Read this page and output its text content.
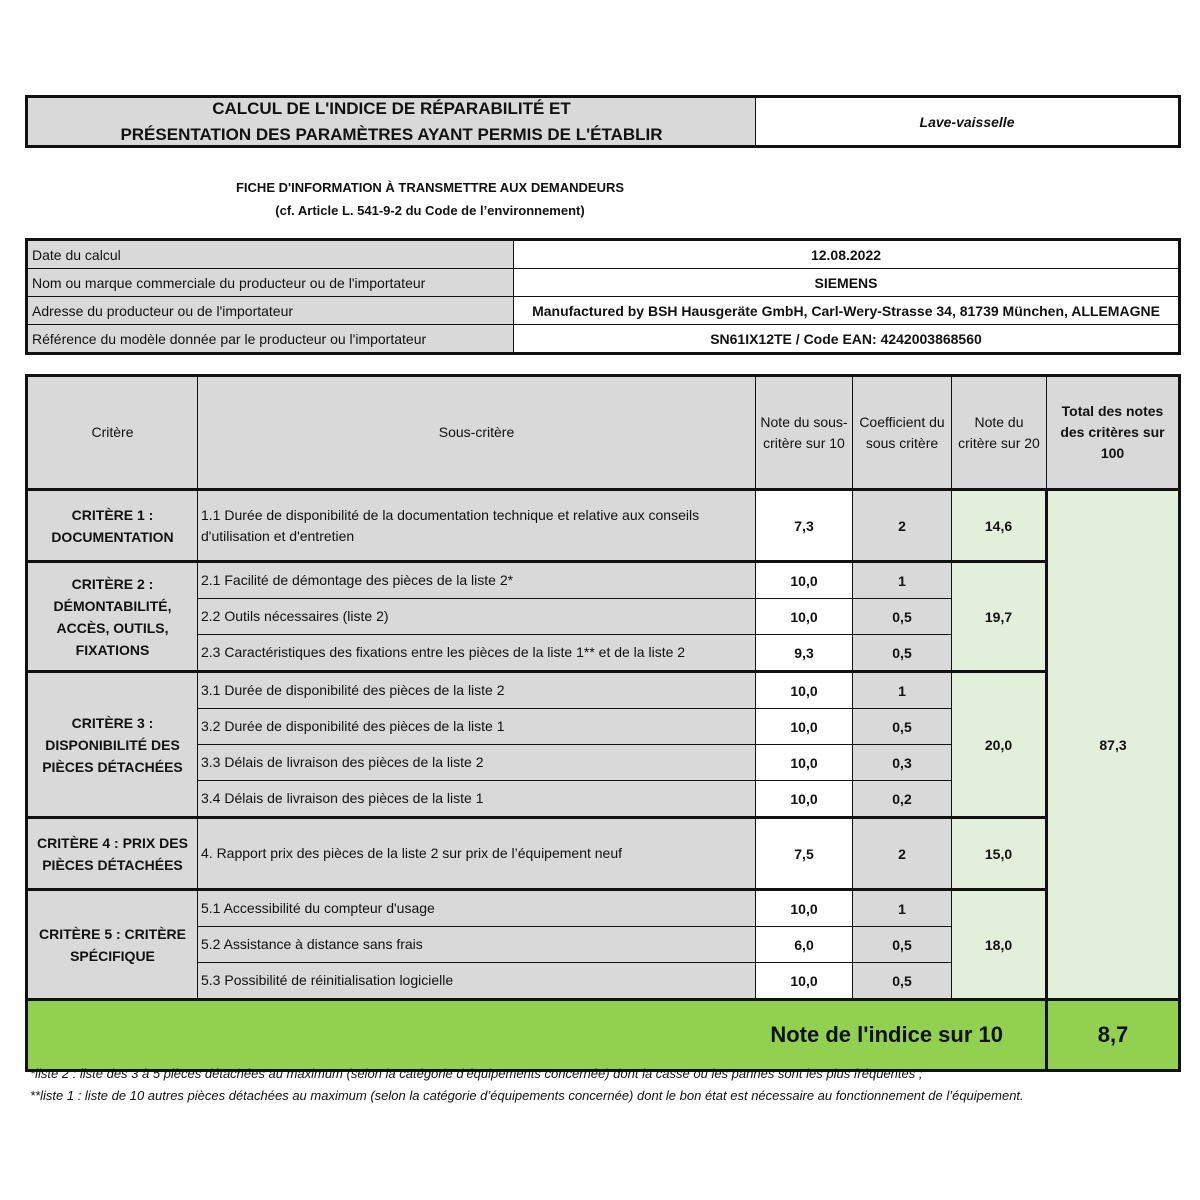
CALCUL DE L'INDICE DE RÉPARABILITÉ ET
PRÉSENTATION DES PARAMÈTRES AYANT PERMIS DE L'ÉTABLIR
Lave-vaisselle
FICHE D'INFORMATION À TRANSMETTRE AUX DEMANDEURS
(cf. Article L. 541-9-2 du Code de l’environnement)
Date du calcul	12.08.2022
Nom ou marque commerciale du producteur ou de l'importateur	SIEMENS
Adresse du producteur ou de l'importateur	Manufactured by BSH Hausgeräte GmbH, Carl-Wery-Strasse 34, 81739 München, ALLEMAGNE
Référence du modèle donnée par le producteur ou l'importateur	SN61IX12TE / Code EAN: 4242003868560
Critère	Sous-critère	Note du sous-critère sur 10	Coefficient du sous critère	Note du critère sur 20	Total des notes des critères sur 100
CRITÈRE 1 : DOCUMENTATION	1.1 Durée de disponibilité de la documentation technique et relative aux conseils d'utilisation et d'entretien	7,3	2	14,6	87,3
CRITÈRE 2 : DÉMONTABILITÉ, ACCÈS, OUTILS, FIXATIONS	2.1 Facilité de démontage des pièces de la liste 2*	10,0	1	19,7	
	2.2 Outils nécessaires (liste 2)	10,0	0,5		
	2.3 Caractéristiques des fixations entre les pièces de la liste 1** et de la liste 2	9,3	0,5		
CRITÈRE 3 : DISPONIBILITÉ DES PIÈCES DÉTACHÉES	3.1 Durée de disponibilité des pièces de la liste 2	10,0	1	20,0	
	3.2 Durée de disponibilité des pièces de la liste 1	10,0	0,5		
	3.3 Délais de livraison des pièces de la liste 2	10,0	0,3		
	3.4 Délais de livraison des pièces de la liste 1	10,0	0,2		
CRITÈRE 4 : PRIX DES PIÈCES DÉTACHÉES	4. Rapport prix des pièces de la liste 2 sur prix de l’équipement neuf	7,5	2	15,0	
CRITÈRE 5 : CRITÈRE SPÉCIFIQUE	5.1 Accessibilité du compteur d'usage	10,0	1	18,0	
	5.2 Assistance à distance sans frais	6,0	0,5		
	5.3 Possibilité de réinitialisation logicielle	10,0	0,5		
Note de l'indice sur 10					8,7
*liste 2 : liste des 3 à 5 pièces détachées au maximum (selon la catégorie d’équipements concernée) dont la casse ou les pannes sont les plus fréquentes ;
**liste 1 : liste de 10 autres pièces détachées au maximum (selon la catégorie d’équipements concernée) dont le bon état est nécessaire au fonctionnement de l’équipement.
